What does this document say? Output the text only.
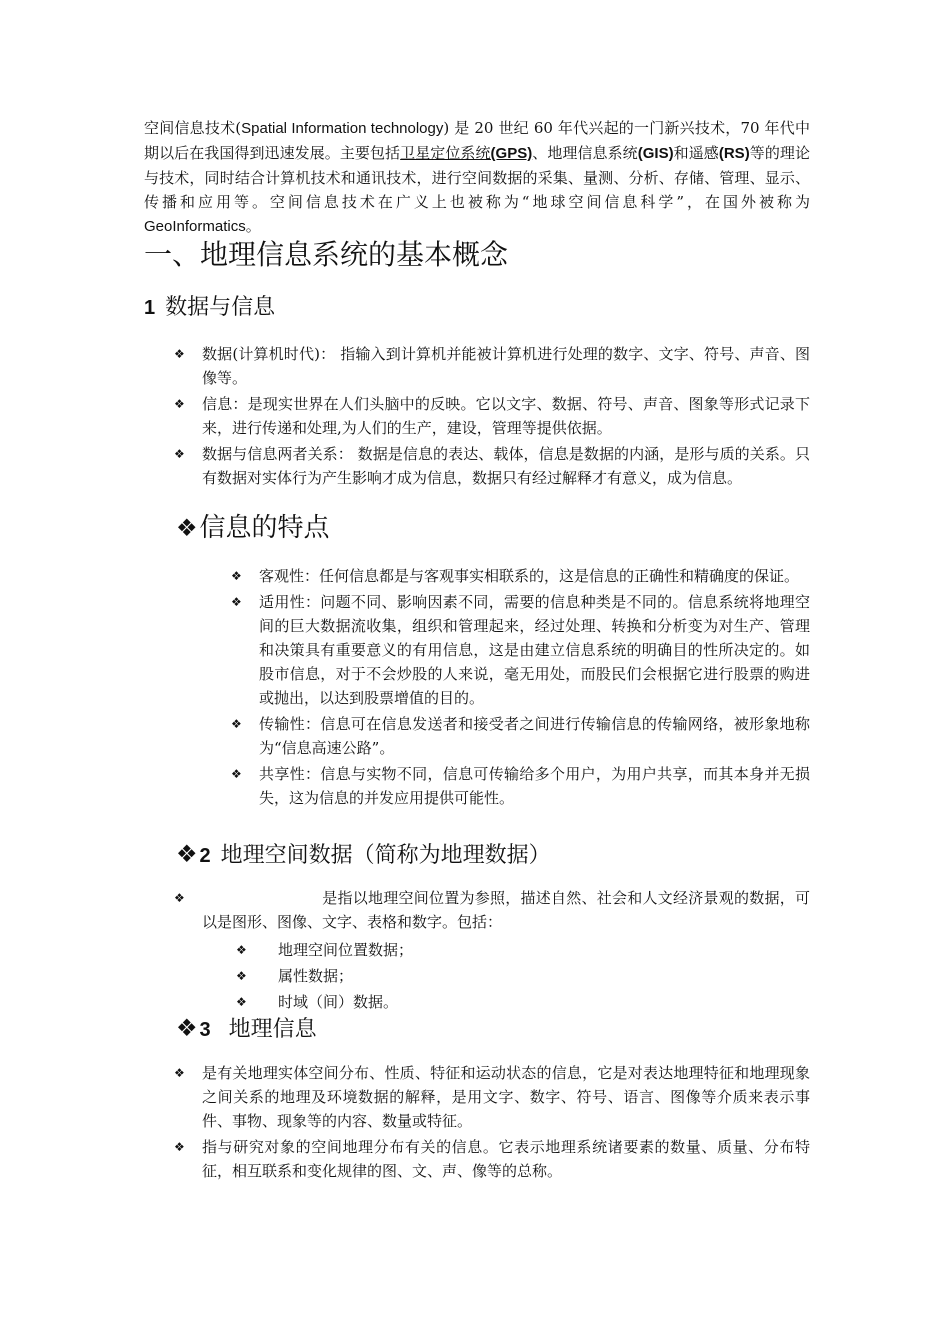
空间信息技术(Spatial Information technology) 是 20 世纪 60 年代兴起的一门新兴技术，70 年代中期以后在我国得到迅速发展。主要包括卫星定位系统(GPS)、地理信息系统(GIS)和遥感(RS)等的理论与技术，同时结合计算机技术和通讯技术，进行空间数据的采集、量测、分析、存储、管理、显示、传播和应用等。空间信息技术在广义上也被称为“地球空间信息科学”，在国外被称为 GeoInformatics。

一、地理信息系统的基本概念
1 数据与信息
❖	数据(计算机时代)： 指输入到计算机并能被计算机进行处理的数字、文字、符号、声音、图像等。
❖	信息：是现实世界在人们头脑中的反映。它以文字、数据、符号、声音、图象等形式记录下来，进行传递和处理,为人们的生产，建设，管理等提供依据。
❖	数据与信息两者关系： 数据是信息的表达、载体，信息是数据的内涵，是形与质的关系。只有数据对实体行为产生影响才成为信息，数据只有经过解释才有意义，成为信息。
❖信息的特点
❖	客观性：任何信息都是与客观事实相联系的，这是信息的正确性和精确度的保证。
❖	适用性：问题不同、影响因素不同，需要的信息种类是不同的。信息系统将地理空间的巨大数据流收集，组织和管理起来，经过处理、转换和分析变为对生产、管理和决策具有重要意义的有用信息，这是由建立信息系统的明确目的性所决定的。如股市信息，对于不会炒股的人来说，毫无用处，而股民们会根据它进行股票的购进或抛出，以达到股票增值的目的。
❖	传输性：信息可在信息发送者和接受者之间进行传输信息的传输网络，被形象地称为“信息高速公路”。
❖	共享性：信息与实物不同，信息可传输给多个用户，为用户共享，而其本身并无损失，这为信息的并发应用提供可能性。
❖ 2 地理空间数据（简称为地理数据）
❖	是指以地理空间位置为参照，描述自然、社会和人文经济景观的数据，可以是图形、图像、文字、表格和数字。包括：
❖	地理空间位置数据；
❖	属性数据；
❖	时域（间）数据。
❖ 3 地理信息
❖	是有关地理实体空间分布、性质、特征和运动状态的信息，它是对表达地理特征和地理现象之间关系的地理及环境数据的解释，是用文字、数字、符号、语言、图像等介质来表示事件、事物、现象等的内容、数量或特征。
❖	指与研究对象的空间地理分布有关的信息。它表示地理系统诸要素的数量、质量、分布特征，相互联系和变化规律的图、文、声、像等的总称。
